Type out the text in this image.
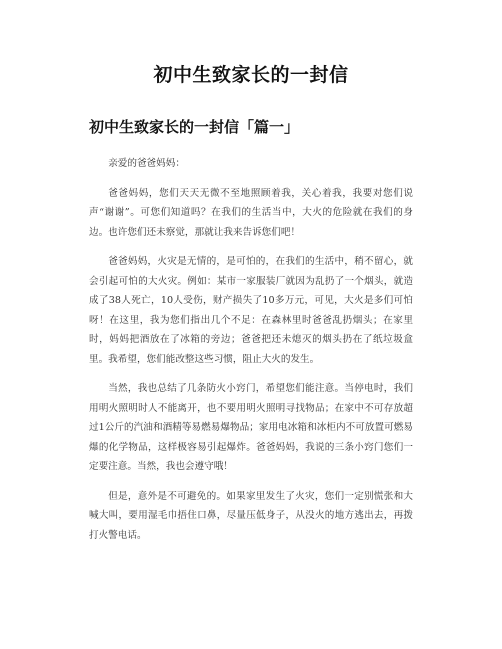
初中生致家长的一封信
初中生致家长的一封信「篇一」

亲爱的爸爸妈妈：

爸爸妈妈，您们天天无微不至地照顾着我，关心着我，我要对您们说声“谢谢”。可您们知道吗？在我们的生活当中，大火的危险就在我们的身边。也许您们还未察觉，那就让我来告诉您们吧！

爸爸妈妈，火灾是无情的，是可怕的，在我们的生活中，稍不留心，就会引起可怕的大火灾。例如：某市一家服装厂就因为乱扔了一个烟头，就造成了38人死亡，10人受伤，财产损失了10多万元，可见，大火是多们可怕呀！在这里，我为您们指出几个不足：在森林里时爸爸乱扔烟头；在家里时，妈妈把酒放在了冰箱的旁边；爸爸把还未熄灭的烟头扔在了纸垃圾盒里。我希望，您们能改整这些习惯，阻止大火的发生。

当然，我也总结了几条防火小窍门，希望您们能注意。当停电时，我们用明火照明时人不能离开，也不要用明火照明寻找物品；在家中不可存放超过1公斤的汽油和酒精等易燃易爆物品；家用电冰箱和冰柜内不可放置可燃易爆的化学物品，这样极容易引起爆炸。爸爸妈妈，我说的三条小窍门您们一定要注意。当然，我也会遵守哦！

但是，意外是不可避免的。如果家里发生了火灾，您们一定别慌张和大喊大叫，要用湿毛巾捂住口鼻，尽量压低身子，从没火的地方逃出去，再拨打火警电话。
